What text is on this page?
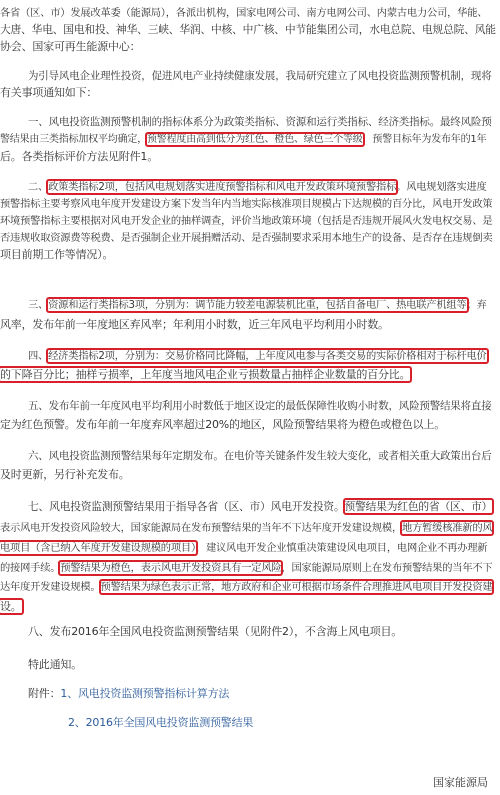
各省（区、市）发展改革委（能源局），各派出机构，国家电网公司、南方电网公司、内蒙古电力公司，华能、
大唐、华电、国电和投、神华、三峡、华润、中核、中广核、中节能集团公司，水电总院、电规总院、风能
协会、国家可再生能源中心：
为引导风电企业理性投资，促进风电产业持续健康发展，我局研究建立了风电投资监测预警机制，现将
有关事项通知如下：
一、风电投资监测预警机制的指标体系分为政策类指标、资源和运行类指标、经济类指标。最终风险预
警结果由三类指标加权平均确定，预警程度由高到低分为红色、橙色、绿色三个等级，预警目标年为发布年的1年
后。各类指标评价方法见附件1。
二、政策类指标2项，包括风电规划落实进度预警指标和风电开发政策环境预警指标。风电规划落实进度
预警指标主要考察风电年度开发建设方案下发当年内当地实际核准项目规模占下达规模的百分比，风电开发政策
环境预警指标主要根据对风电开发企业的抽样调查，评价当地政策环境（包括是否违规开展风火发电权交易、是
否违规收取资源费等税费、是否强制企业开展捐赠活动、是否强制要求采用本地生产的设备、是否存在违规倒卖
项目前期工作等情况）。
三、资源和运行类指标3项，分别为：调节能力较差电源装机比重，包括自备电厂、热电联产机组等；弃
风率，发布年前一年度地区弃风率；年利用小时数，近三年风电平均利用小时数。
四、经济类指标2项，分别为：交易价格同比降幅，上年度风电参与各类交易的实际价格相对于标杆电价
的下降百分比；抽样亏损率，上年度当地风电企业亏损数量占抽样企业数量的百分比。
五、发布年前一年度风电平均利用小时数低于地区设定的最低保障性收购小时数，风险预警结果将直接
定为红色预警。发布年前一年度弃风率超过20%的地区，风险预警结果将为橙色或橙色以上。
六、风电投资监测预警结果每年定期发布。在电价等关键条件发生较大变化，或者相关重大政策出台后
及时更新，另行补充发布。
七、风电投资监测预警结果用于指导各省（区、市）风电开发投资。预警结果为红色的省（区、市）
表示风电开发投资风险较大，国家能源局在发布预警结果的当年不下达年度开发建设规模，地方暂缓核准新的风
电项目（含已纳入年度开发建设规模的项目），建议风电开发企业慎重决策建设风电项目，电网企业不再办理新
的接网手续。预警结果为橙色，表示风电开发投资具有一定风险，国家能源局原则上在发布预警结果的当年不下
达年度开发建设规模。预警结果为绿色表示正常，地方政府和企业可根据市场条件合理推进风电项目开发投资建
设。
八、发布2016年全国风电投资监测预警结果（见附件2），不含海上风电项目。
特此通知。
附件：1、风电投资监测预警指标计算方法
2、2016年全国风电投资监测预警结果
国家能源局
